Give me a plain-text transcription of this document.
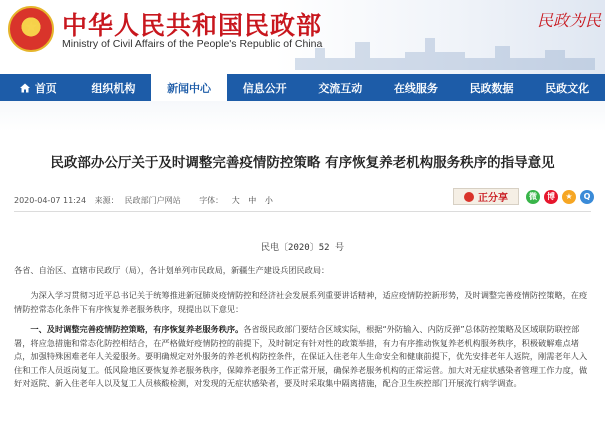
★ 中华人民共和国民政部
Ministry of Civil Affairs of the People's Republic of China
民政为民
首页	组织机构	新闻中心	信息公开	交流互动	在线服务	民政数据	民政文化
民政部办公厅关于及时调整完善疫情防控策略 有序恢复养老机构服务秩序的指导意见
2020-04-07 11:24 来源： 民政部门户网站 字体： 大 中 小	正分享	微	博	★	Q
民电〔2020〕52 号
各省、自治区、直辖市民政厅（局），各计划单列市民政局，新疆生产建设兵团民政局：
为深入学习贯彻习近平总书记关于统筹推进新冠肺炎疫情防控和经济社会发展系列重要讲话精神，适应疫情防控新形势，及时调整完善疫情防控策略，在疫情防控常态化条件下有序恢复养老服务秩序，现提出以下意见：
一、及时调整完善疫情防控策略，有序恢复养老服务秩序。各省级民政部门要结合区域实际，根据“外防输入、内防反弹”总体防控策略及区域联防联控部署，将应急措施和常态化防控相结合，在严格做好疫情防控的前提下，及时制定有针对性的政策举措，有力有序推动恢复养老机构服务秩序，积极破解难点堵点，加强特殊困难老年人关爱服务。要明确规定对外服务的养老机构防控条件，在保证入住老年人生命安全和健康前提下，优先安排老年人返院，刚需老年人入住和工作人员返岗复工。低风险地区要恢复养老服务秩序，保障养老服务工作正常开展，确保养老服务机构的正常运营。加大对无症状感染者管理工作力度，做好对返院、新入住老年人以及复工人员核酸检测，对发现的无症状感染者，要及时采取集中隔离措施，配合卫生疾控部门开展流行病学调查。
